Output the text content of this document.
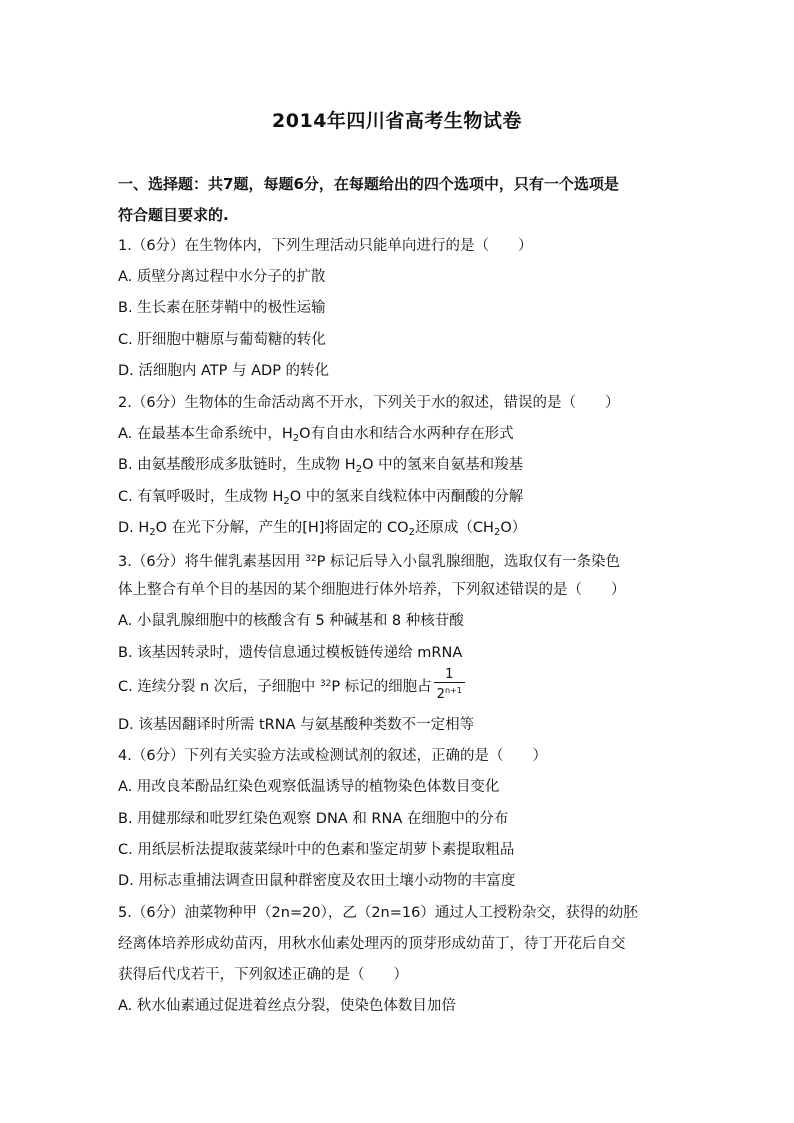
2014年四川省高考生物试卷
一、选择题：共7题，每题6分，在每题给出的四个选项中，只有一个选项是
符合题目要求的.
1.（6分）在生物体内，下列生理活动只能单向进行的是（　　）
A. 质壁分离过程中水分子的扩散
B. 生长素在胚芽鞘中的极性运输
C. 肝细胞中糖原与葡萄糖的转化
D. 活细胞内 ATP 与 ADP 的转化
2.（6分）生物体的生命活动离不开水，下列关于水的叙述，错误的是（　　）
A. 在最基本生命系统中，$H_2O$有自由水和结合水两种存在形式
B. 由氨基酸形成多肽链时，生成物 $H_2O$ 中的氢来自氨基和羧基
C. 有氧呼吸时，生成物 $H_2O$ 中的氢来自线粒体中丙酮酸的分解
D. $H_2O$ 在光下分解，产生的[H]将固定的 $CO_2$还原成$(CH_2O)$
3.（6分）将牛催乳素基因用 $^{32}$P 标记后导入小鼠乳腺细胞，选取仅有一条染色
体上整合有单个目的基因的某个细胞进行体外培养，下列叙述错误的是（　　）
A. 小鼠乳腺细胞中的核酸含有 5 种碱基和 8 种核苷酸
B. 该基因转录时，遗传信息通过模板链传递给 mRNA
C. 连续分裂 n 次后，子细胞中 $^{32}$P 标记的细胞占 $\frac{1}{2^{n+1}}$
D. 该基因翻译时所需 tRNA 与氨基酸种类数不一定相等
4.（6分）下列有关实验方法或检测试剂的叙述，正确的是（　　）
A. 用改良苯酚品红染色观察低温诱导的植物染色体数目变化
B. 用健那绿和吡罗红染色观察 DNA 和 RNA 在细胞中的分布
C. 用纸层析法提取菠菜绿叶中的色素和鉴定胡萝卜素提取粗品
D. 用标志重捕法调查田鼠种群密度及农田土壤小动物的丰富度
5.（6分）油菜物种甲（2n=20），乙（2n=16）通过人工授粉杂交，获得的幼胚
经离体培养形成幼苗丙，用秋水仙素处理丙的顶芽形成幼苗丁，待丁开花后自交
获得后代戊若干，下列叙述正确的是（　　）
A. 秋水仙素通过促进着丝点分裂，使染色体数目加倍
